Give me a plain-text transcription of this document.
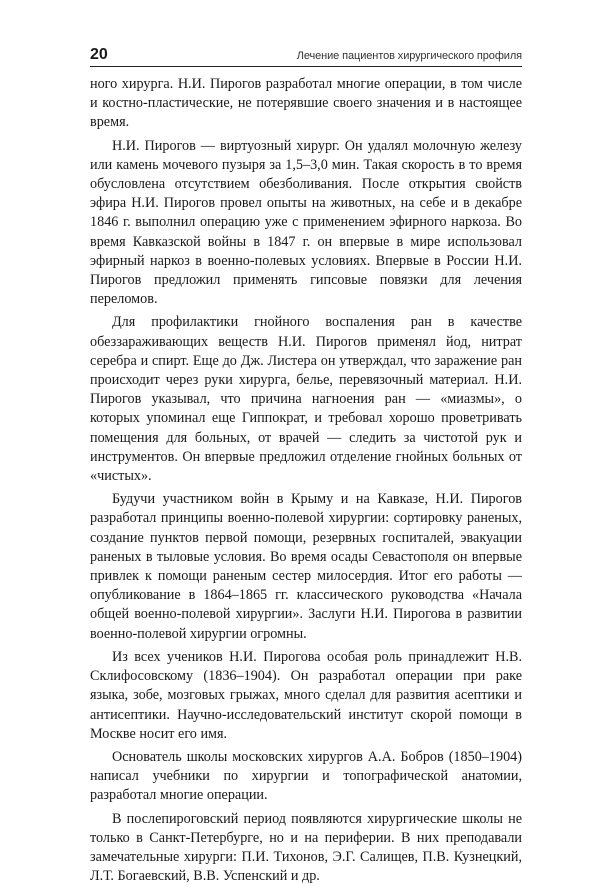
20	Лечение пациентов хирургического профиля

ного хирурга. Н.И. Пирогов разработал многие операции, в том числе и костно-пластические, не потерявшие своего значения и в настоящее время.

Н.И. Пирогов — виртуозный хирург. Он удалял молочную железу или камень мочевого пузыря за 1,5–3,0 мин. Такая скорость в то время обусловлена отсутствием обезболивания. После открытия свойств эфира Н.И. Пирогов провел опыты на животных, на себе и в декабре 1846 г. выполнил операцию уже с применением эфирного наркоза. Во время Кавказской войны в 1847 г. он впервые в мире использовал эфирный наркоз в военно-полевых условиях. Впервые в России Н.И. Пирогов предложил применять гипсовые повязки для лечения переломов.

Для профилактики гнойного воспаления ран в качестве обеззараживающих веществ Н.И. Пирогов применял йод, нитрат серебра и спирт. Еще до Дж. Листера он утверждал, что заражение ран происходит через руки хирурга, белье, перевязочный материал. Н.И. Пирогов указывал, что причина нагноения ран — «миазмы», о которых упоминал еще Гиппократ, и требовал хорошо проветривать помещения для больных, от врачей — следить за чистотой рук и инструментов. Он впервые предложил отделение гнойных больных от «чистых».

Будучи участником войн в Крыму и на Кавказе, Н.И. Пирогов разработал принципы военно-полевой хирургии: сортировку раненых, создание пунктов первой помощи, резервных госпиталей, эвакуации раненых в тыловые условия. Во время осады Севастополя он впервые привлек к помощи раненым сестер милосердия. Итог его работы — опубликование в 1864–1865 гг. классического руководства «Начала общей военно-полевой хирургии». Заслуги Н.И. Пирогова в развитии военно-полевой хирургии огромны.

Из всех учеников Н.И. Пирогова особая роль принадлежит Н.В. Склифосовскому (1836–1904). Он разработал операции при раке языка, зобе, мозговых грыжах, много сделал для развития асептики и антисептики. Научно-исследовательский институт скорой помощи в Москве носит его имя.

Основатель школы московских хирургов А.А. Бобров (1850–1904) написал учебники по хирургии и топографической анатомии, разработал многие операции.

В послепироговский период появляются хирургические школы не только в Санкт-Петербурге, но и на периферии. В них преподавали замечательные хирурги: П.И. Тихонов, Э.Г. Салищев, П.В. Кузнецкий, Л.Т. Богаевский, В.В. Успенский и др.
